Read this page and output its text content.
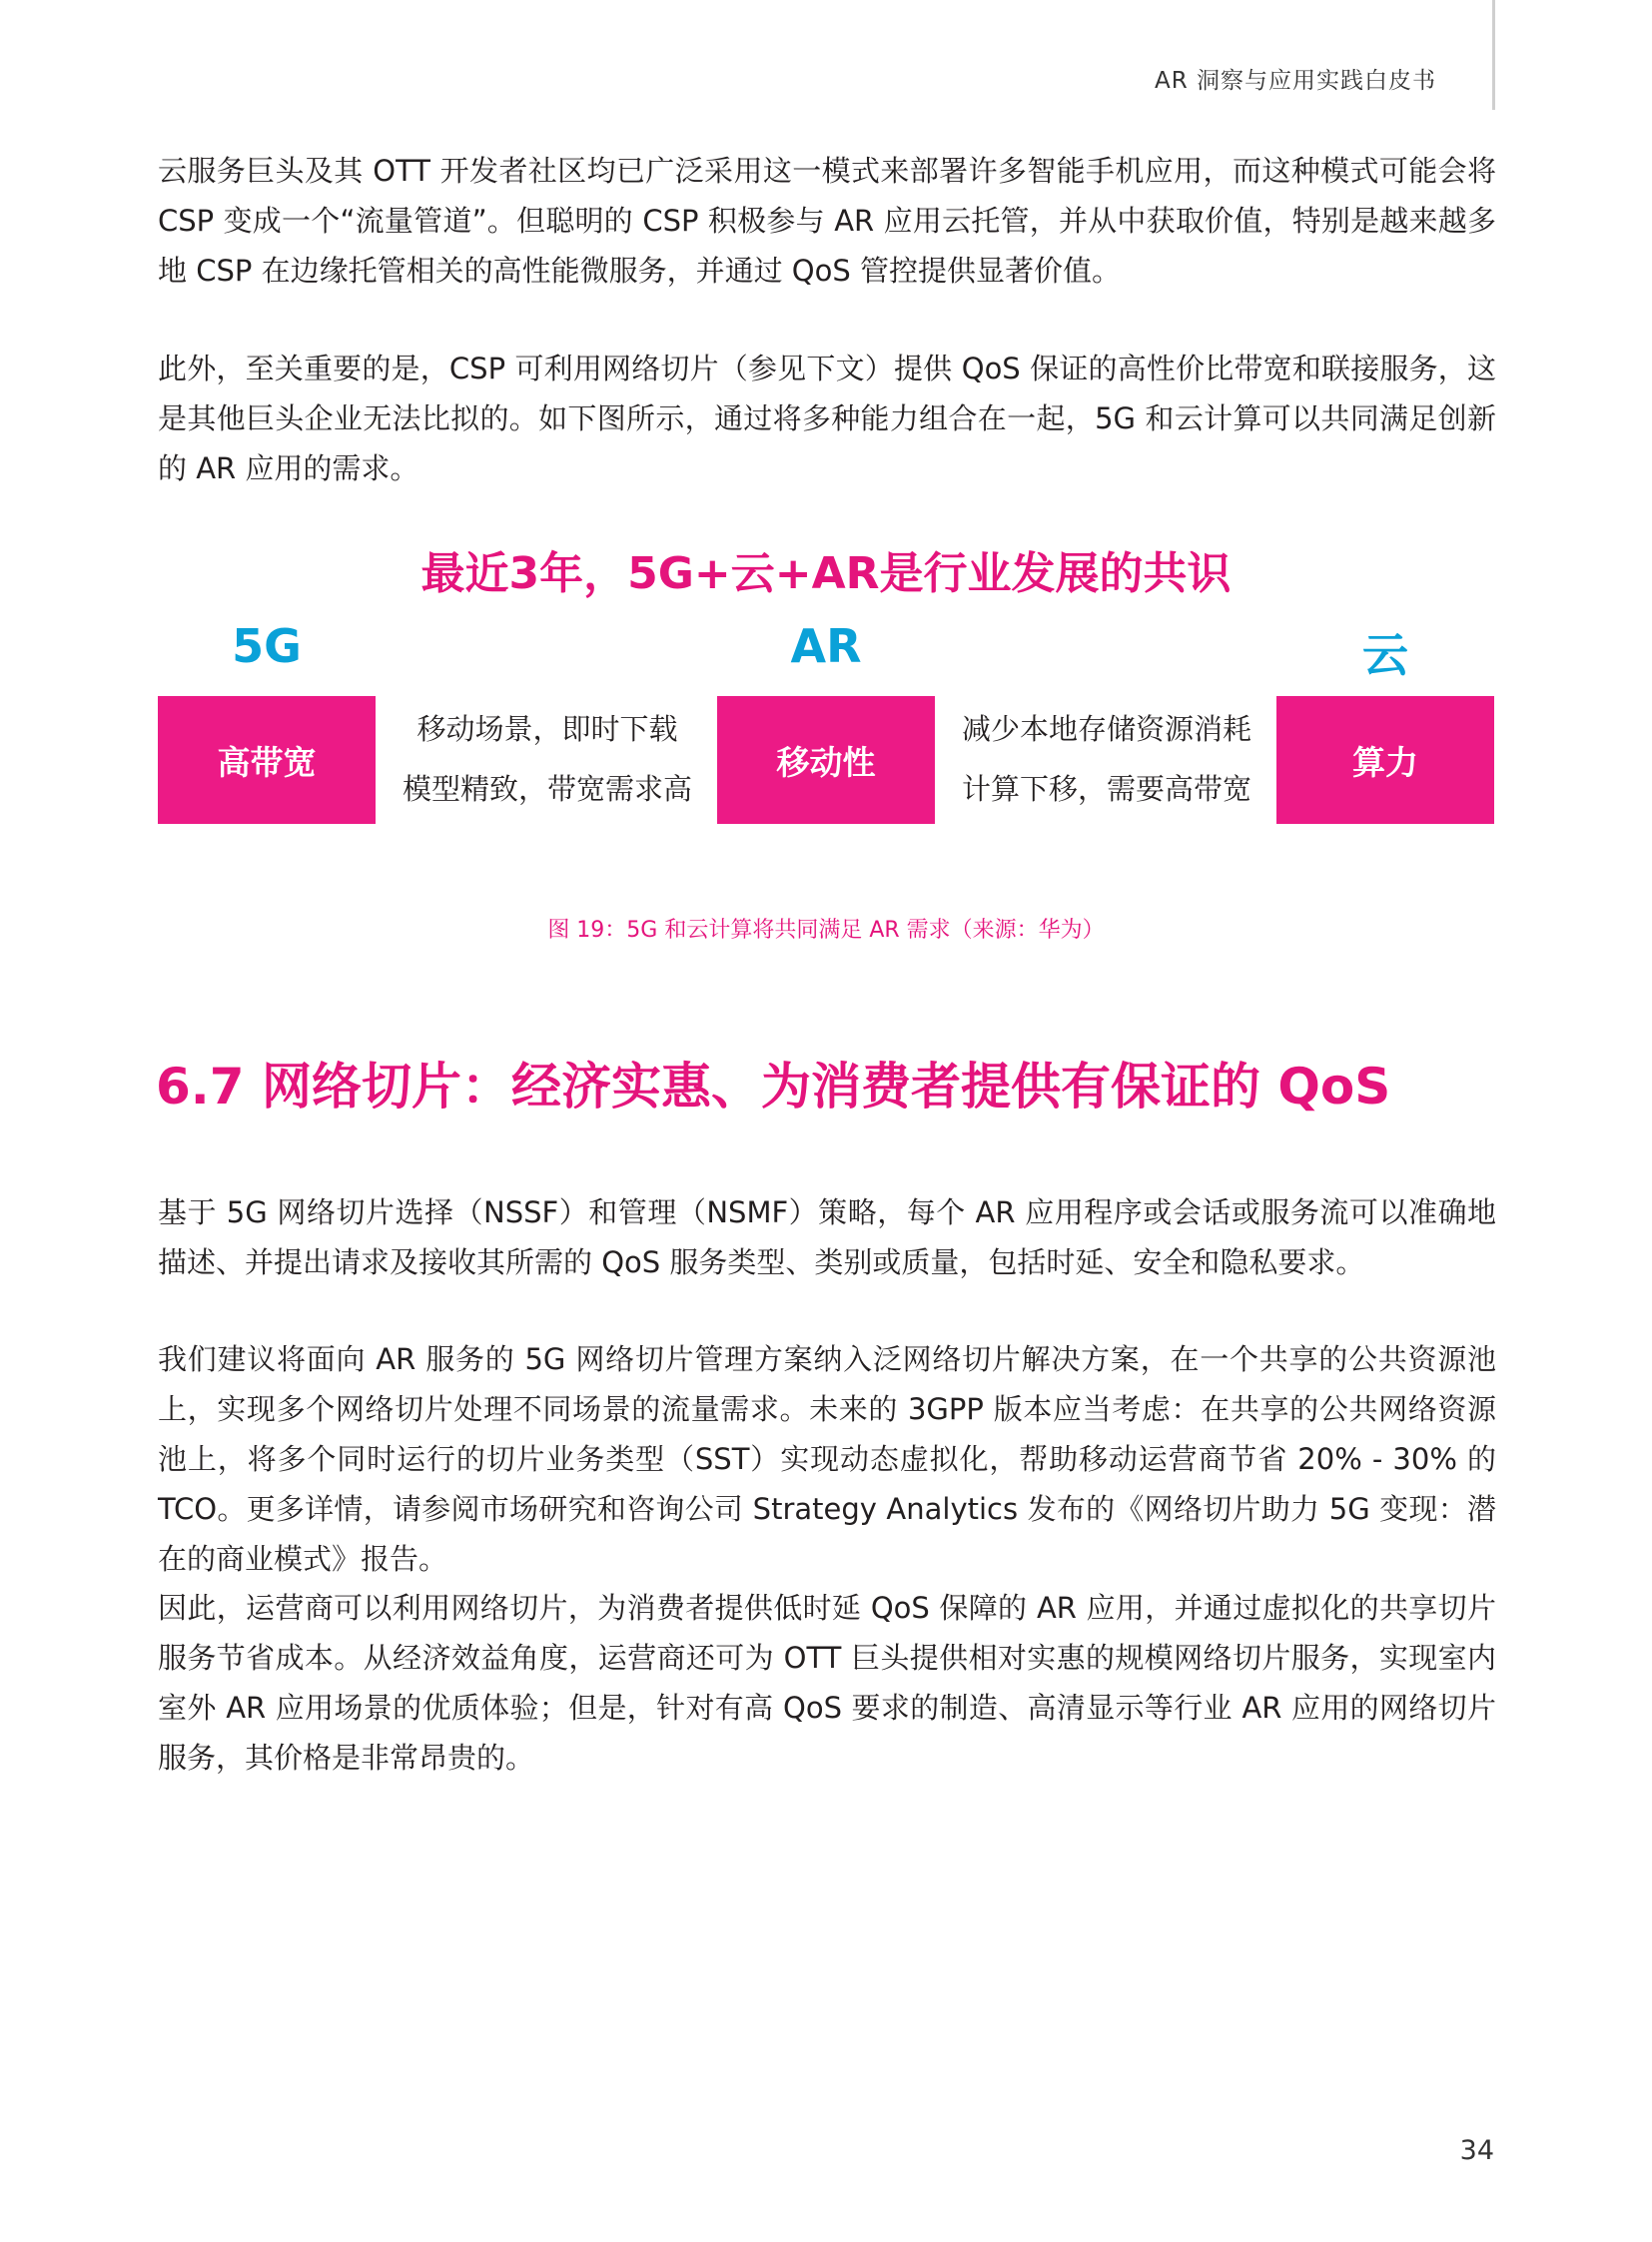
AR 洞察与应用实践白皮书

云服务巨头及其 OTT 开发者社区均已广泛采用这一模式来部署许多智能手机应用，而这种模式可能会将 CSP 变成一个“流量管道”。但聪明的 CSP 积极参与 AR 应用云托管，并从中获取价值，特别是越来越多地 CSP 在边缘托管相关的高性能微服务，并通过 QoS 管控提供显著价值。

此外，至关重要的是，CSP 可利用网络切片（参见下文）提供 QoS 保证的高性价比带宽和联接服务，这是其他巨头企业无法比拟的。如下图所示，通过将多种能力组合在一起，5G 和云计算可以共同满足创新的 AR 应用的需求。

最近3年，5G+云+AR是行业发展的共识
5G	AR	云
高带宽	移动性	算力
移动场景，即时下载
模型精致，带宽需求高
减少本地存储资源消耗
计算下移，需要高带宽
图 19：5G 和云计算将共同满足 AR 需求（来源：华为）
6.7 网络切片：经济实惠、为消费者提供有保证的 QoS

基于 5G 网络切片选择（NSSF）和管理（NSMF）策略，每个 AR 应用程序或会话或服务流可以准确地描述、并提出请求及接收其所需的 QoS 服务类型、类别或质量，包括时延、安全和隐私要求。

我们建议将面向 AR 服务的 5G 网络切片管理方案纳入泛网络切片解决方案，在一个共享的公共资源池上，实现多个网络切片处理不同场景的流量需求。未来的 3GPP 版本应当考虑：在共享的公共网络资源池上，将多个同时运行的切片业务类型（SST）实现动态虚拟化，帮助移动运营商节省 20% - 30% 的 TCO。更多详情，请参阅市场研究和咨询公司 Strategy Analytics 发布的《网络切片助力 5G 变现：潜在的商业模式》报告。

因此，运营商可以利用网络切片，为消费者提供低时延 QoS 保障的 AR 应用，并通过虚拟化的共享切片服务节省成本。从经济效益角度，运营商还可为 OTT 巨头提供相对实惠的规模网络切片服务，实现室内室外 AR 应用场景的优质体验；但是，针对有高 QoS 要求的制造、高清显示等行业 AR 应用的网络切片服务，其价格是非常昂贵的。

34
